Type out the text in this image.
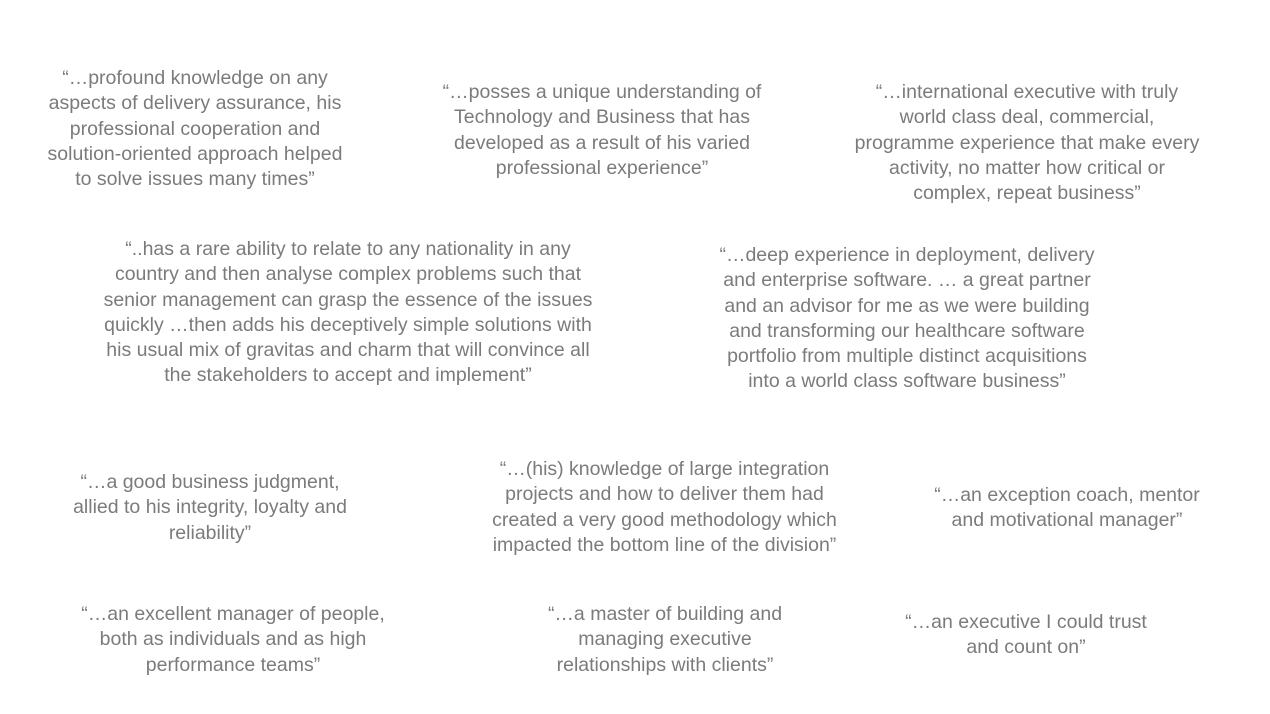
“…profound knowledge on any
aspects of delivery assurance, his
professional cooperation and
solution-oriented approach helped
to solve issues many times”

“…posses a unique understanding of
Technology and Business that has
developed as a result of his varied
professional experience”

“…international executive with truly
world class deal, commercial,
programme experience that make every
activity, no matter how critical or
complex, repeat business”

“..has a rare ability to relate to any nationality in any
country and then analyse complex problems such that
senior management can grasp the essence of the issues
quickly …then adds his deceptively simple solutions with
his usual mix of gravitas and charm that will convince all
the stakeholders to accept and implement”

“…deep experience in deployment, delivery
and enterprise software. … a great partner
and an advisor for me as we were building
and transforming our healthcare software
portfolio from multiple distinct acquisitions
into a world class software business”

“…a good business judgment,
allied to his integrity, loyalty and
reliability”

“…(his) knowledge of large integration
projects and how to deliver them had
created a very good methodology which
impacted the bottom line of the division”

“…an exception coach, mentor
and motivational manager”

“…an excellent manager of people,
both as individuals and as high
performance teams”

“…a master of building and
managing executive
relationships with clients”

“…an executive I could trust
and count on”
